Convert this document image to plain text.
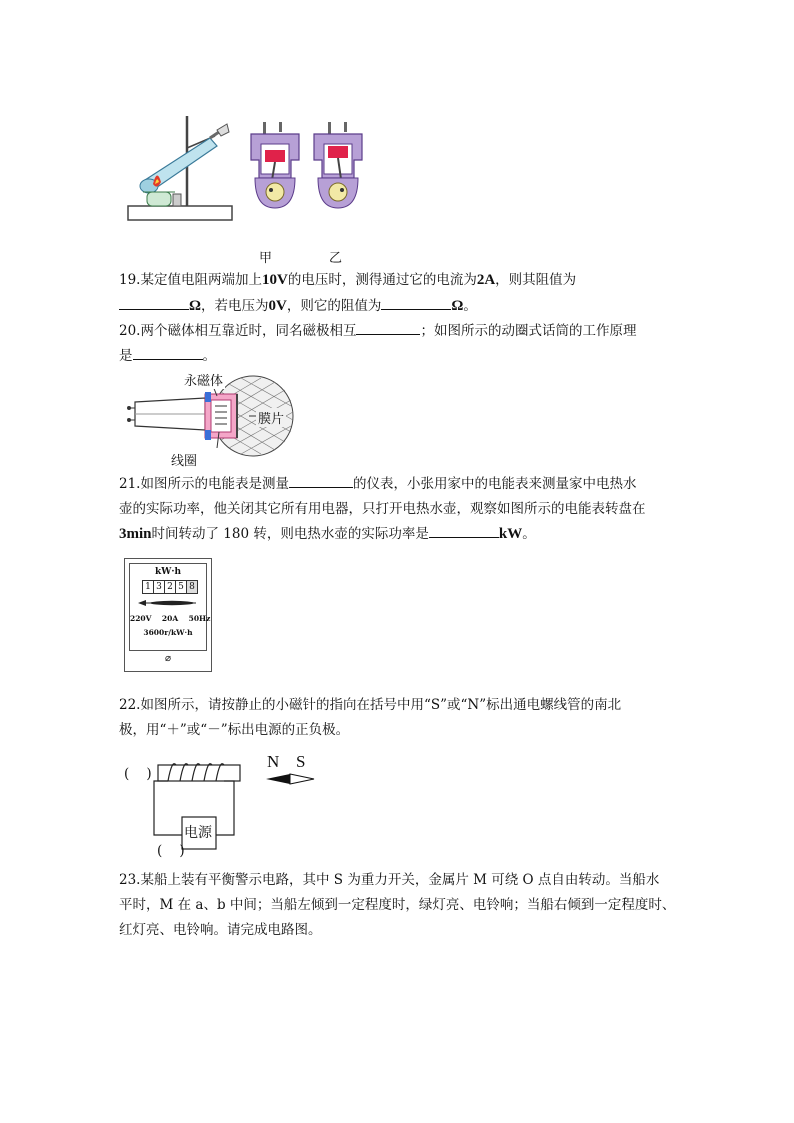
甲	乙
19.某定值电阻两端加上10V的电压时，测得通过它的电流为2A，则其阻值为
Ω，若电压为0V，则它的阻值为	Ω。
20.两个磁体相互靠近时，同名磁极相互	；如图所示的动圈式话筒的工作原理
是	。
永磁体
膜片
线圈
21.如图所示的电能表是测量	的仪表，小张用家中的电能表来测量家中电热水
壶的实际功率，他关闭其它所有用电器，只打开电热水壶，观察如图所示的电能表转盘在
3min时间转动了 180 转，则电热水壶的实际功率是	kW。
kW·h
1 3 2 5 8
220V    20A    50Hz
3600r/kW·h
⌀
22.如图所示，请按静止的小磁针的指向在括号中用“S”或“N”标出通电螺线管的南北
极，用“＋”或“－”标出电源的正负极。
(    )
电源
(    )
N S
23.某船上装有平衡警示电路，其中 S 为重力开关，金属片 M 可绕 O 点自由转动。当船水
平时，M 在 a、b 中间；当船左倾到一定程度时，绿灯亮、电铃响；当船右倾到一定程度时、
红灯亮、电铃响。请完成电路图。
